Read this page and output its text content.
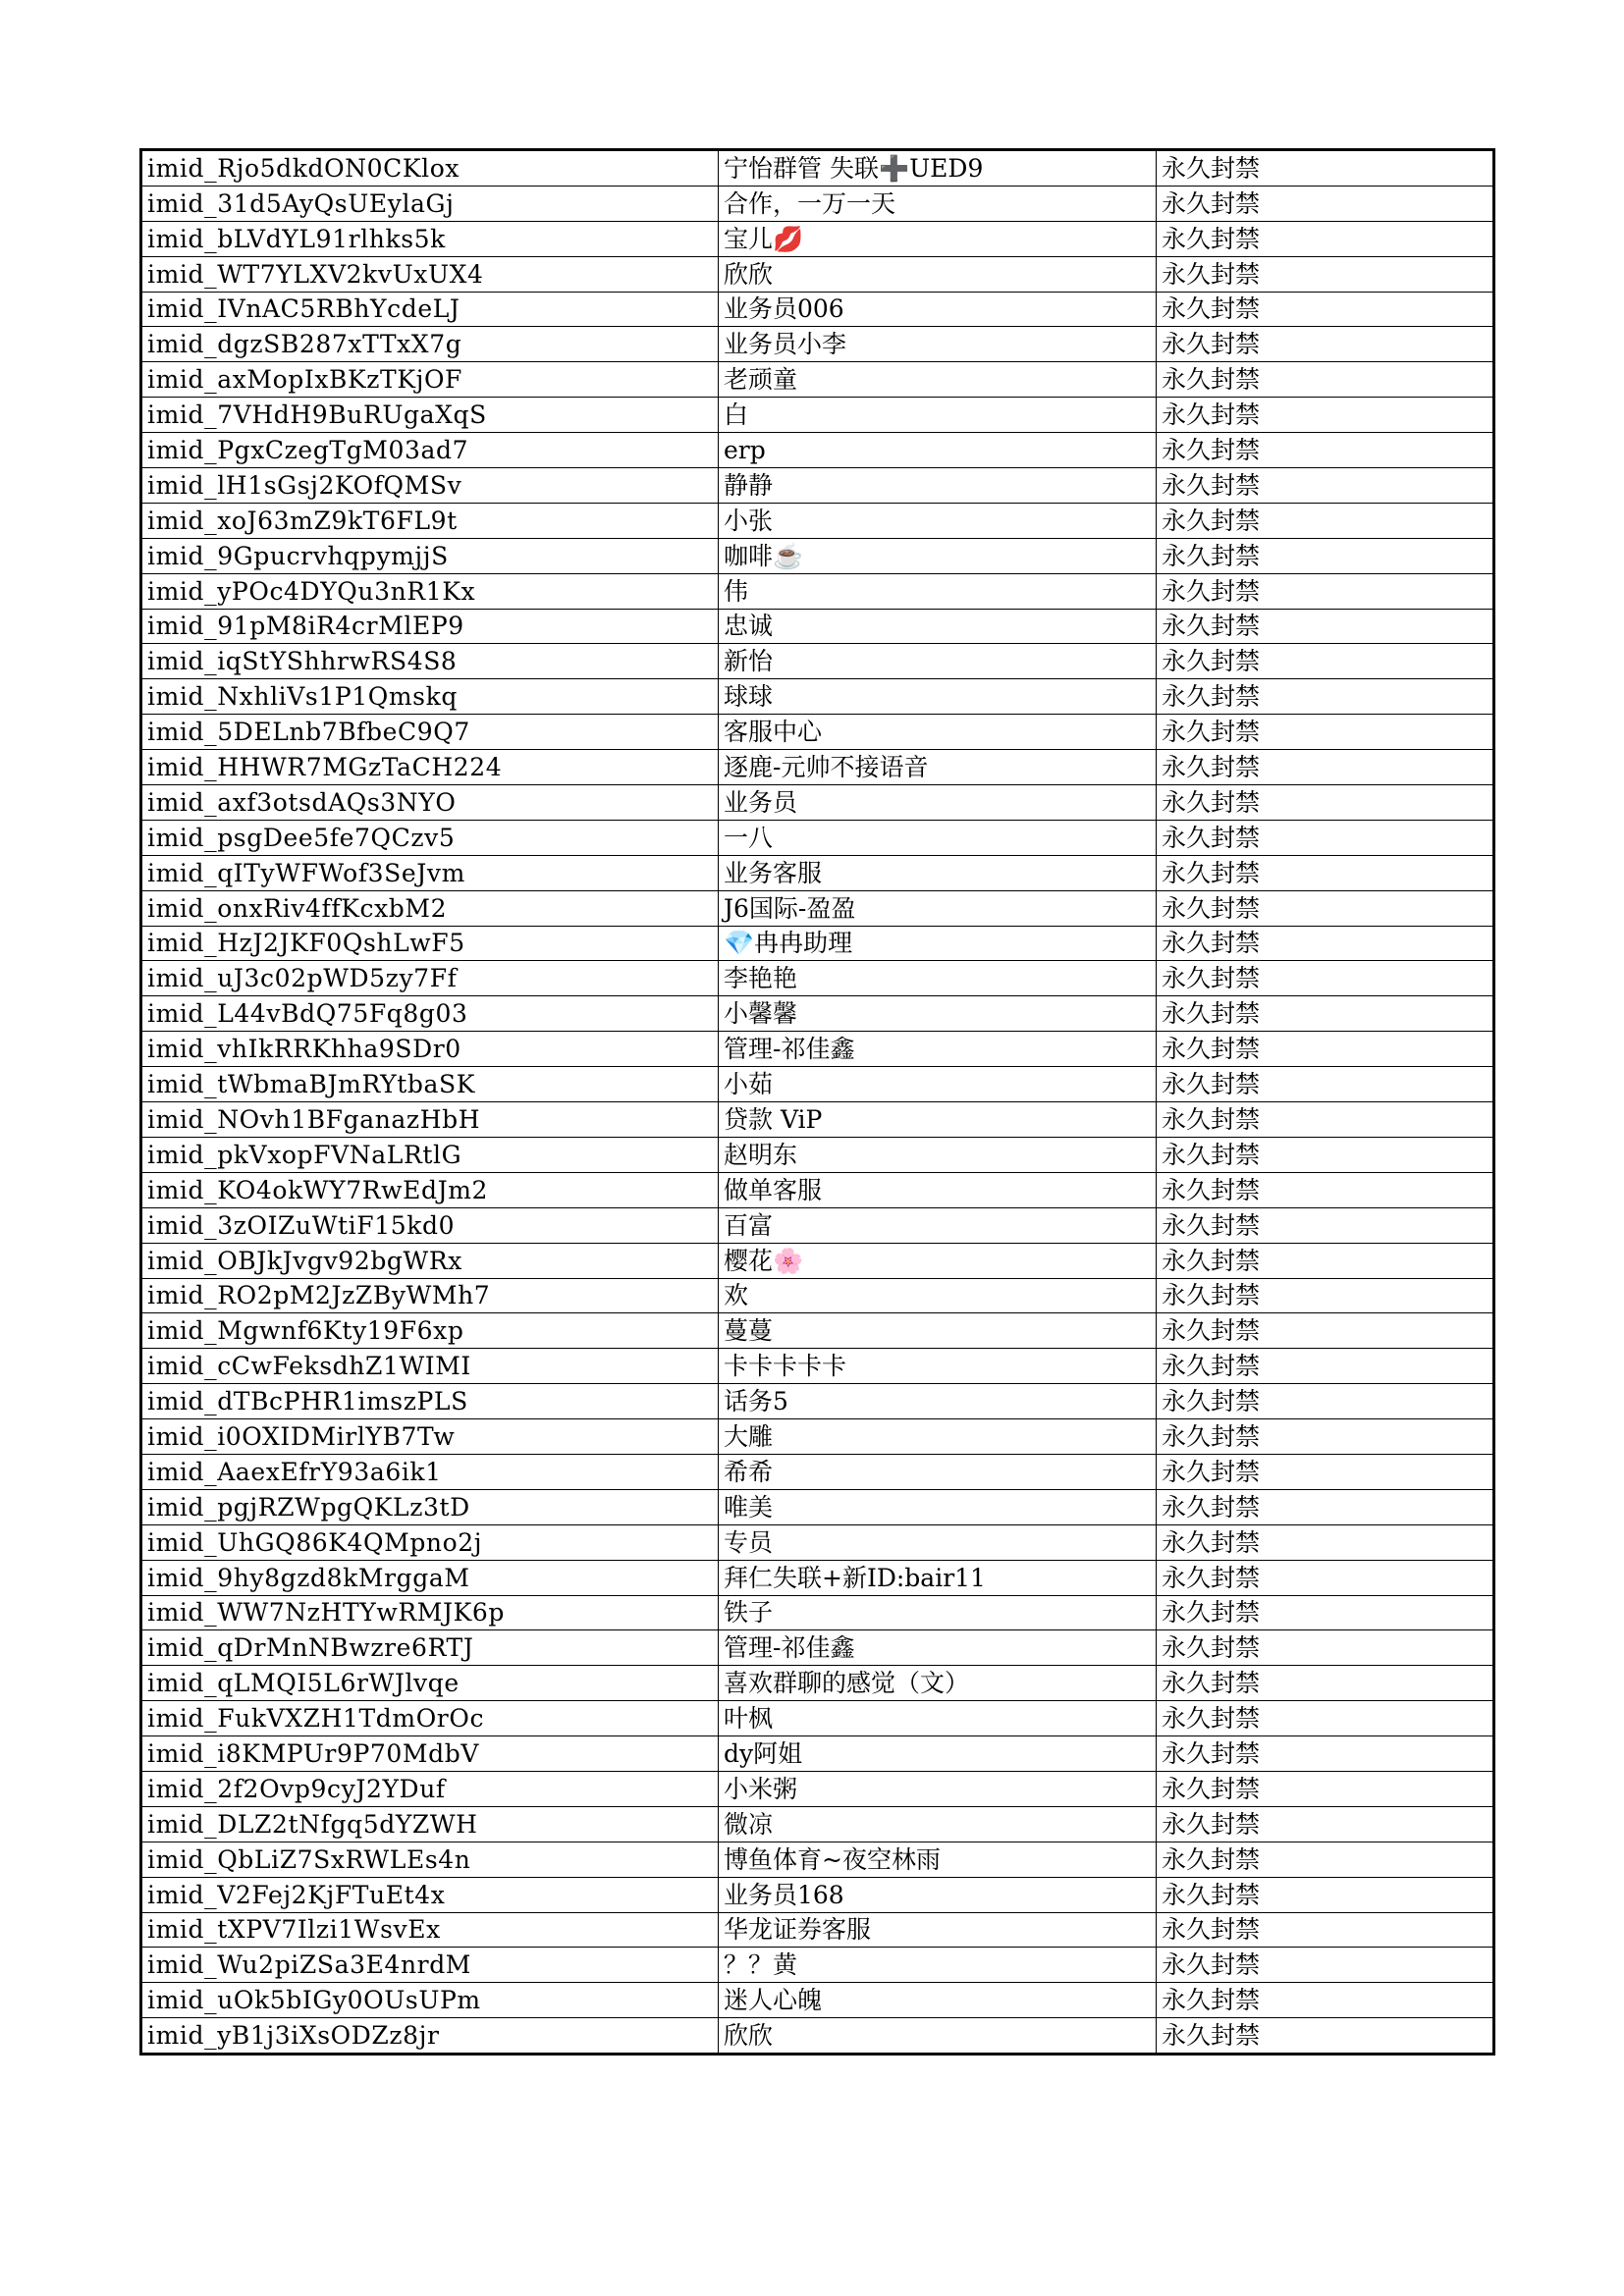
imid_Rjo5dkdON0CKlox	宁怡群管 失联➕UED9	永久封禁
imid_31d5AyQsUEylaGj	合作，一万一天	永久封禁
imid_bLVdYL91rlhks5k	宝儿💋	永久封禁
imid_WT7YLXV2kvUxUX4	欣欣	永久封禁
imid_IVnAC5RBhYcdeLJ	业务员006	永久封禁
imid_dgzSB287xTTxX7g	业务员小李	永久封禁
imid_axMopIxBKzTKjOF	老顽童	永久封禁
imid_7VHdH9BuRUgaXqS	白	永久封禁
imid_PgxCzegTgM03ad7	erp	永久封禁
imid_lH1sGsj2KOfQMSv	静静	永久封禁
imid_xoJ63mZ9kT6FL9t	小张	永久封禁
imid_9GpucrvhqpymjjS	咖啡☕	永久封禁
imid_yPOc4DYQu3nR1Kx	伟	永久封禁
imid_91pM8iR4crMlEP9	忠诚	永久封禁
imid_iqStYShhrwRS4S8	新怡	永久封禁
imid_NxhliVs1P1Qmskq	球球	永久封禁
imid_5DELnb7BfbeC9Q7	客服中心	永久封禁
imid_HHWR7MGzTaCH224	逐鹿-元帅不接语音	永久封禁
imid_axf3otsdAQs3NYO	业务员	永久封禁
imid_psgDee5fe7QCzv5	一八	永久封禁
imid_qITyWFWof3SeJvm	业务客服	永久封禁
imid_onxRiv4ffKcxbM2	J6国际-盈盈	永久封禁
imid_HzJ2JKF0QshLwF5	💎冉冉助理	永久封禁
imid_uJ3c02pWD5zy7Ff	李艳艳	永久封禁
imid_L44vBdQ75Fq8g03	小馨馨	永久封禁
imid_vhIkRRKhha9SDr0	管理-祁佳鑫	永久封禁
imid_tWbmaBJmRYtbaSK	小茹	永久封禁
imid_NOvh1BFganazHbH	贷款 ViP	永久封禁
imid_pkVxopFVNaLRtlG	赵明东	永久封禁
imid_KO4okWY7RwEdJm2	做单客服	永久封禁
imid_3zOIZuWtiF15kd0	百富	永久封禁
imid_OBJkJvgv92bgWRx	樱花🌸	永久封禁
imid_RO2pM2JzZByWMh7	欢	永久封禁
imid_Mgwnf6Kty19F6xp	蔓蔓	永久封禁
imid_cCwFeksdhZ1WIMI	卡卡卡卡卡	永久封禁
imid_dTBcPHR1imszPLS	话务5	永久封禁
imid_i0OXIDMirlYB7Tw	大雕	永久封禁
imid_AaexEfrY93a6ik1	希希	永久封禁
imid_pgjRZWpgQKLz3tD	唯美	永久封禁
imid_UhGQ86K4QMpno2j	专员	永久封禁
imid_9hy8gzd8kMrggaM	拜仁失联+新ID:bair11	永久封禁
imid_WW7NzHTYwRMJK6p	铁子	永久封禁
imid_qDrMnNBwzre6RTJ	管理-祁佳鑫	永久封禁
imid_qLMQI5L6rWJlvqe	喜欢群聊的感觉（文）	永久封禁
imid_FukVXZH1TdmOrOc	叶枫	永久封禁
imid_i8KMPUr9P70MdbV	dy阿姐	永久封禁
imid_2f2Ovp9cyJ2YDuf	小米粥	永久封禁
imid_DLZ2tNfgq5dYZWH	微凉	永久封禁
imid_QbLiZ7SxRWLEs4n	博鱼体育~夜空林雨	永久封禁
imid_V2Fej2KjFTuEt4x	业务员168	永久封禁
imid_tXPV7Ilzi1WsvEx	华龙证券客服	永久封禁
imid_Wu2piZSa3E4nrdM	？？黄	永久封禁
imid_uOk5bIGy0OUsUPm	迷人心魄	永久封禁
imid_yB1j3iXsODZz8jr	欣欣	永久封禁
